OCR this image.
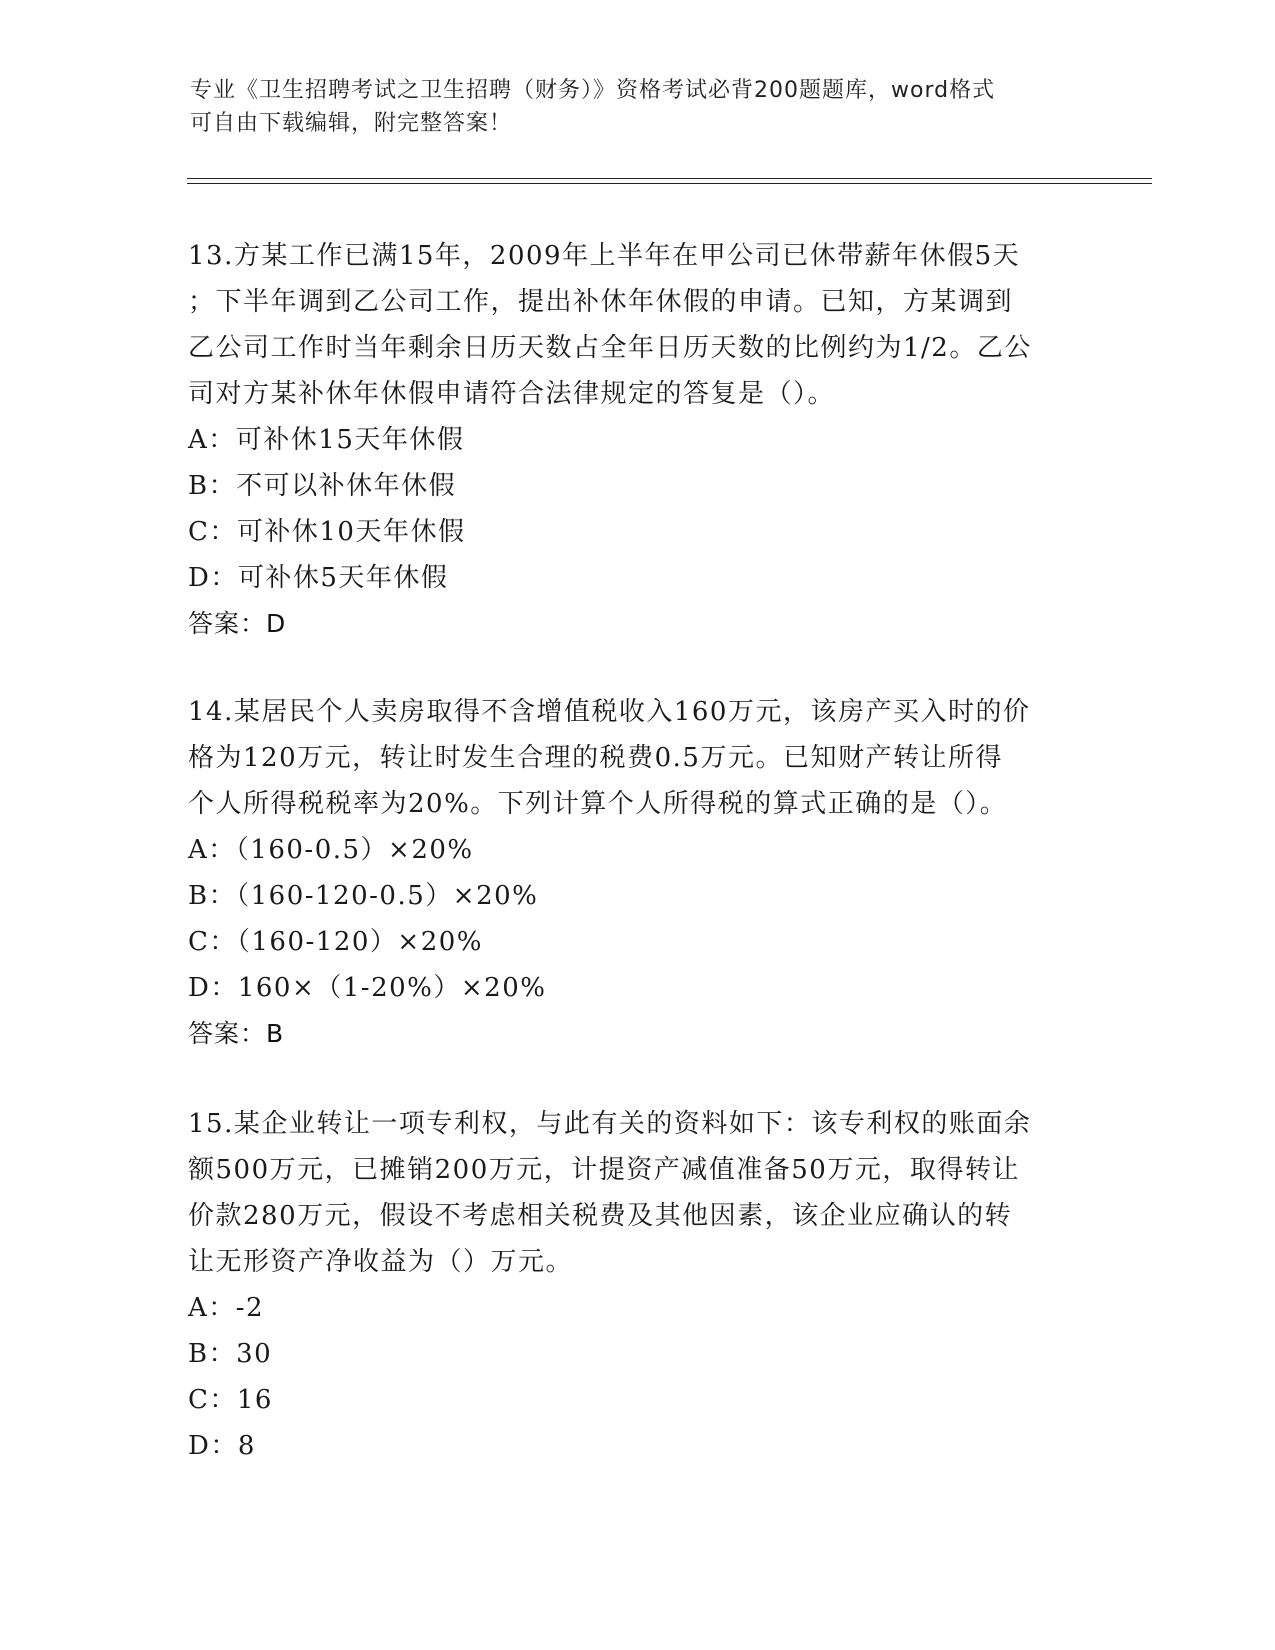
专业《卫生招聘考试之卫生招聘（财务）》资格考试必背200题题库，word格式
可自由下载编辑，附完整答案！
13.方某工作已满15年，2009年上半年在甲公司已休带薪年休假5天
；下半年调到乙公司工作，提出补休年休假的申请。已知，方某调到
乙公司工作时当年剩余日历天数占全年日历天数的比例约为1/2。乙公
司对方某补休年休假申请符合法律规定的答复是（）。
A：可补休15天年休假
B：不可以补休年休假
C：可补休10天年休假
D：可补休5天年休假
答案：D
14.某居民个人卖房取得不含增值税收入160万元，该房产买入时的价
格为120万元，转让时发生合理的税费0.5万元。已知财产转让所得
个人所得税税率为20%。下列计算个人所得税的算式正确的是（）。
A：（160-0.5）×20%
B：（160-120-0.5）×20%
C：（160-120）×20%
D：160×（1-20%）×20%
答案：B
15.某企业转让一项专利权，与此有关的资料如下：该专利权的账面余
额500万元，已摊销200万元，计提资产减值准备50万元，取得转让
价款280万元，假设不考虑相关税费及其他因素，该企业应确认的转
让无形资产净收益为（）万元。
A：-2
B：30
C：16
D：8
